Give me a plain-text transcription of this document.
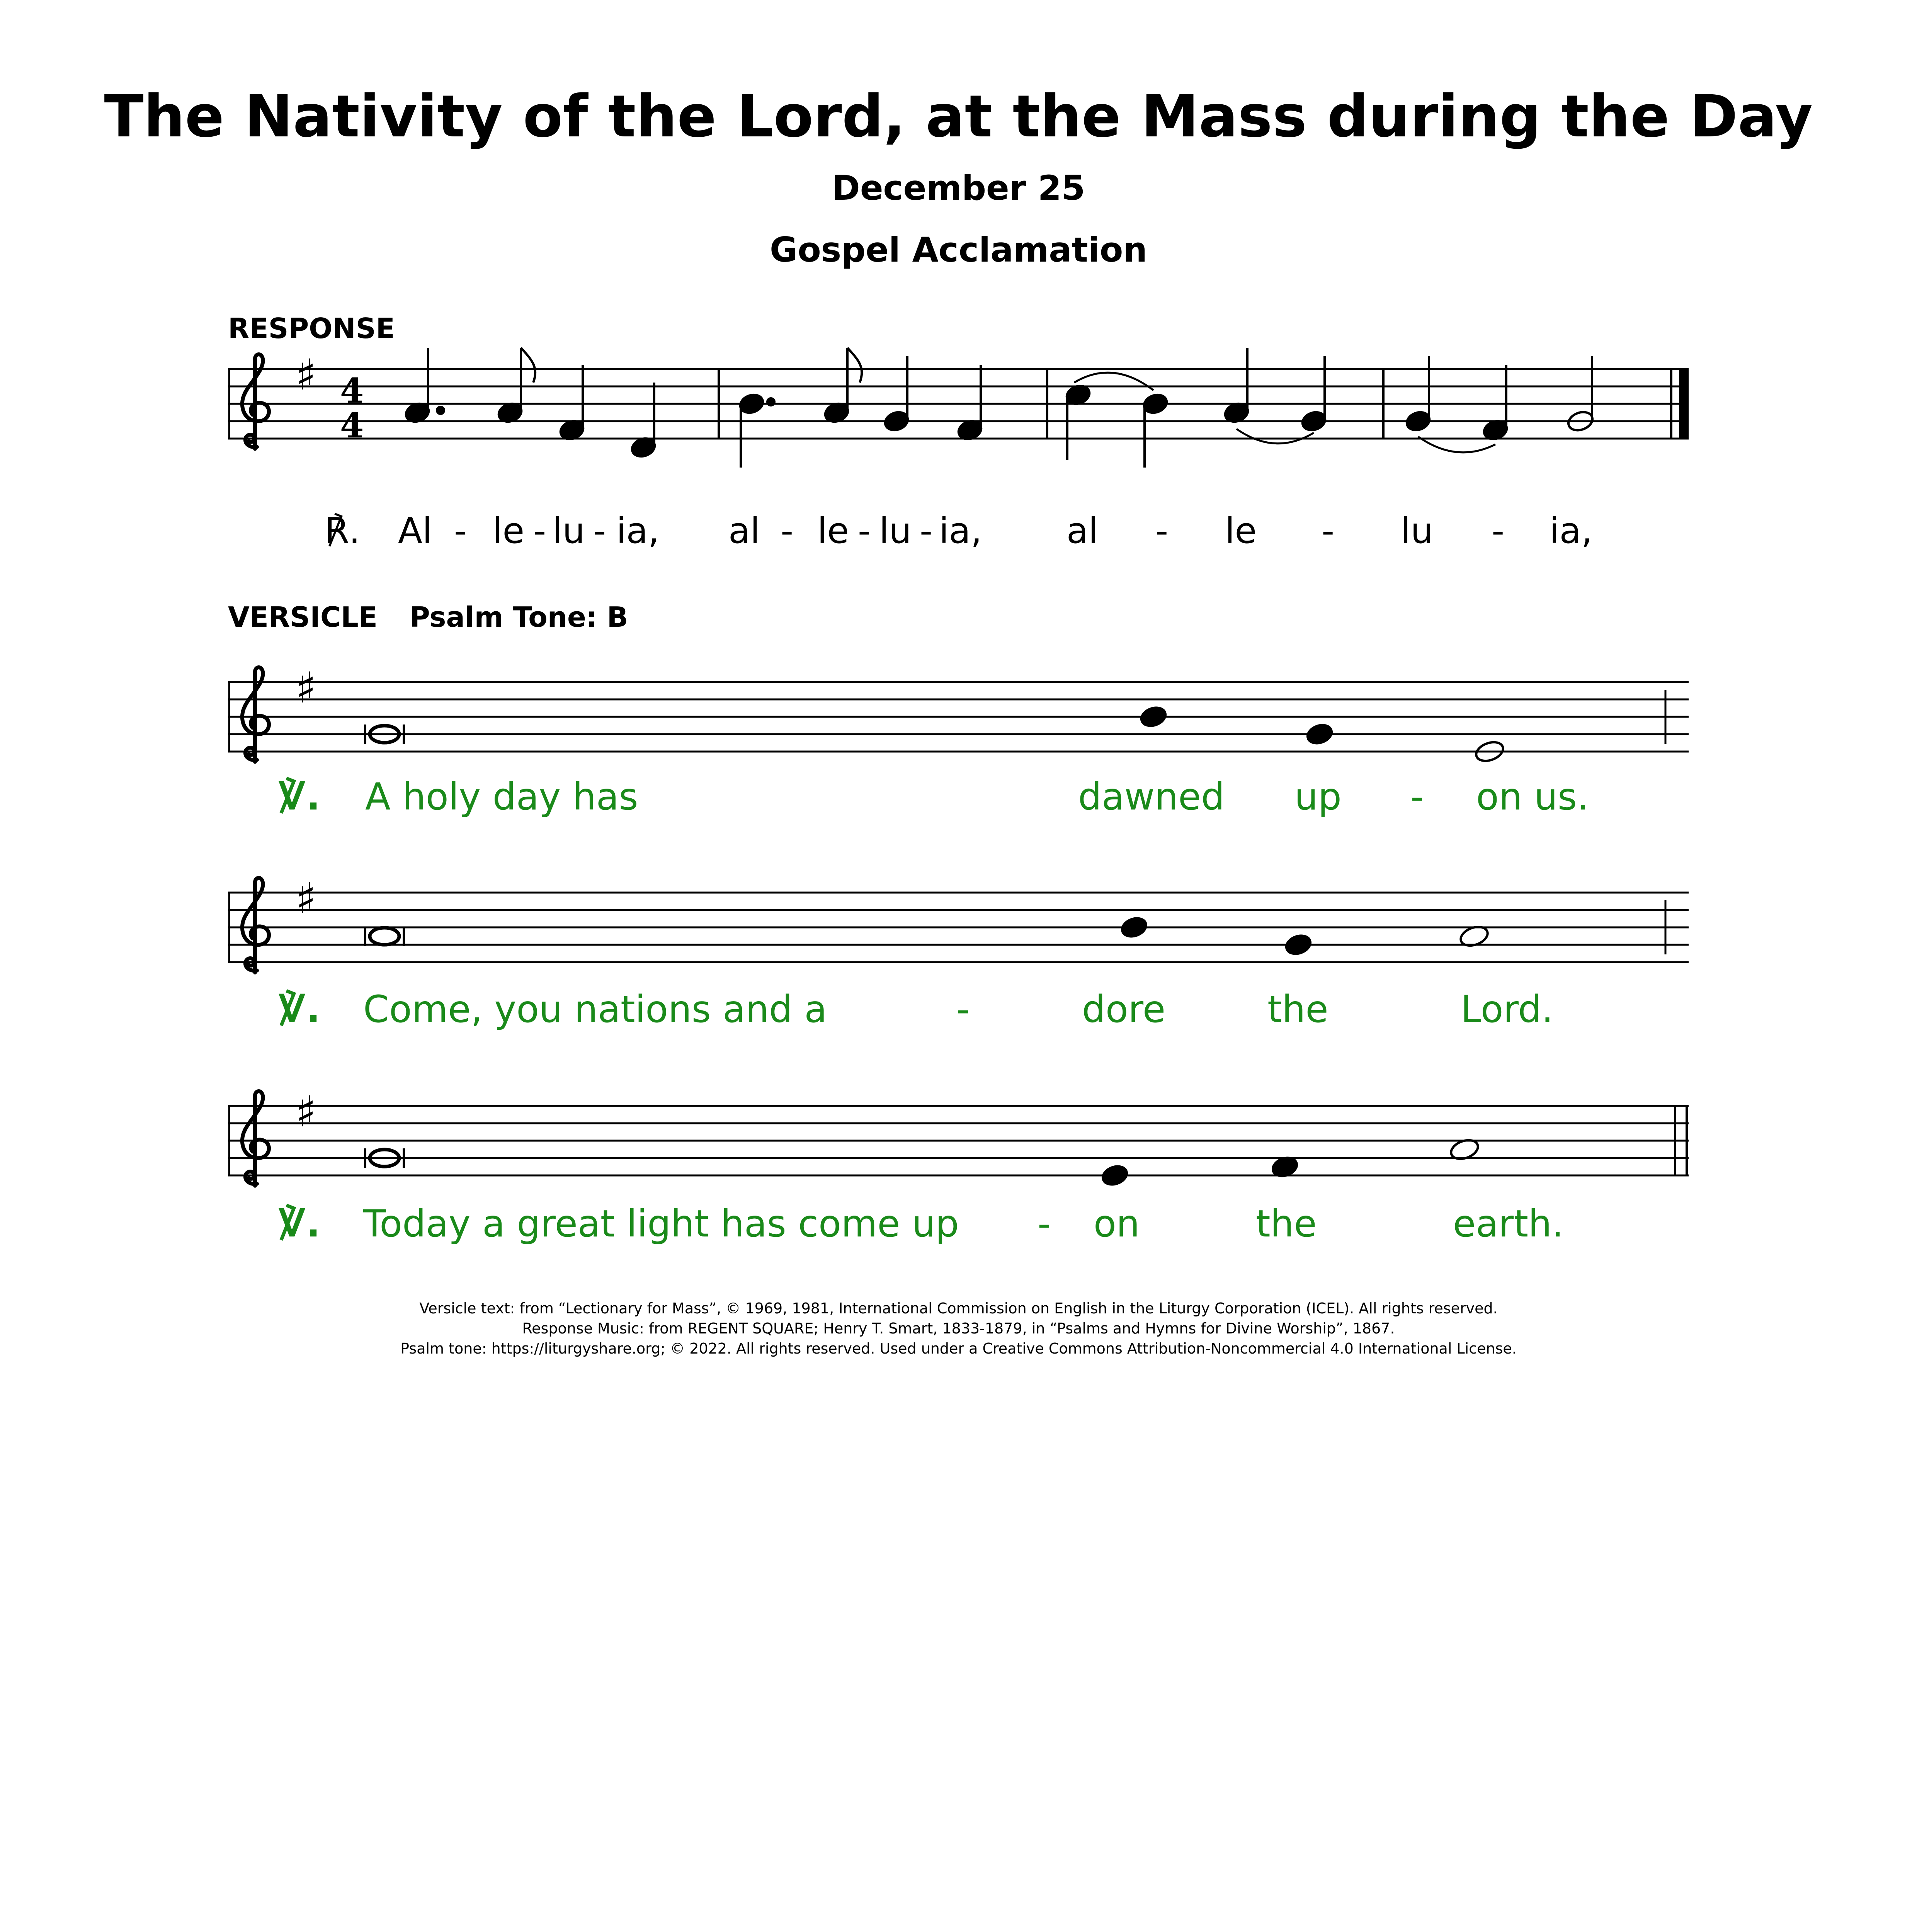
The Nativity of the Lord, at the Mass during the Day
December 25
Gospel Acclamation
RESPONSE
VERSICLE Psalm Tone: B
♯ 4
4
℟. Al - le - lu - ia, al - le - lu - ia, al - le - lu - ia,
♯
℣. A holy day has	dawned up - on us.
♯
℣. Come, you nations and a	-	dore	the	Lord.
♯
℣. Today a great light has come up - on	the	earth.
Versicle text: from “Lectionary for Mass”, © 1969, 1981, International Commission on English in the Liturgy Corporation (ICEL). All rights reserved.
Response Music: from REGENT SQUARE; Henry T. Smart, 1833-1879, in “Psalms and Hymns for Divine Worship”, 1867.
Psalm tone: https://liturgyshare.org; © 2022. All rights reserved. Used under a Creative Commons Attribution-Noncommercial 4.0 International License.
